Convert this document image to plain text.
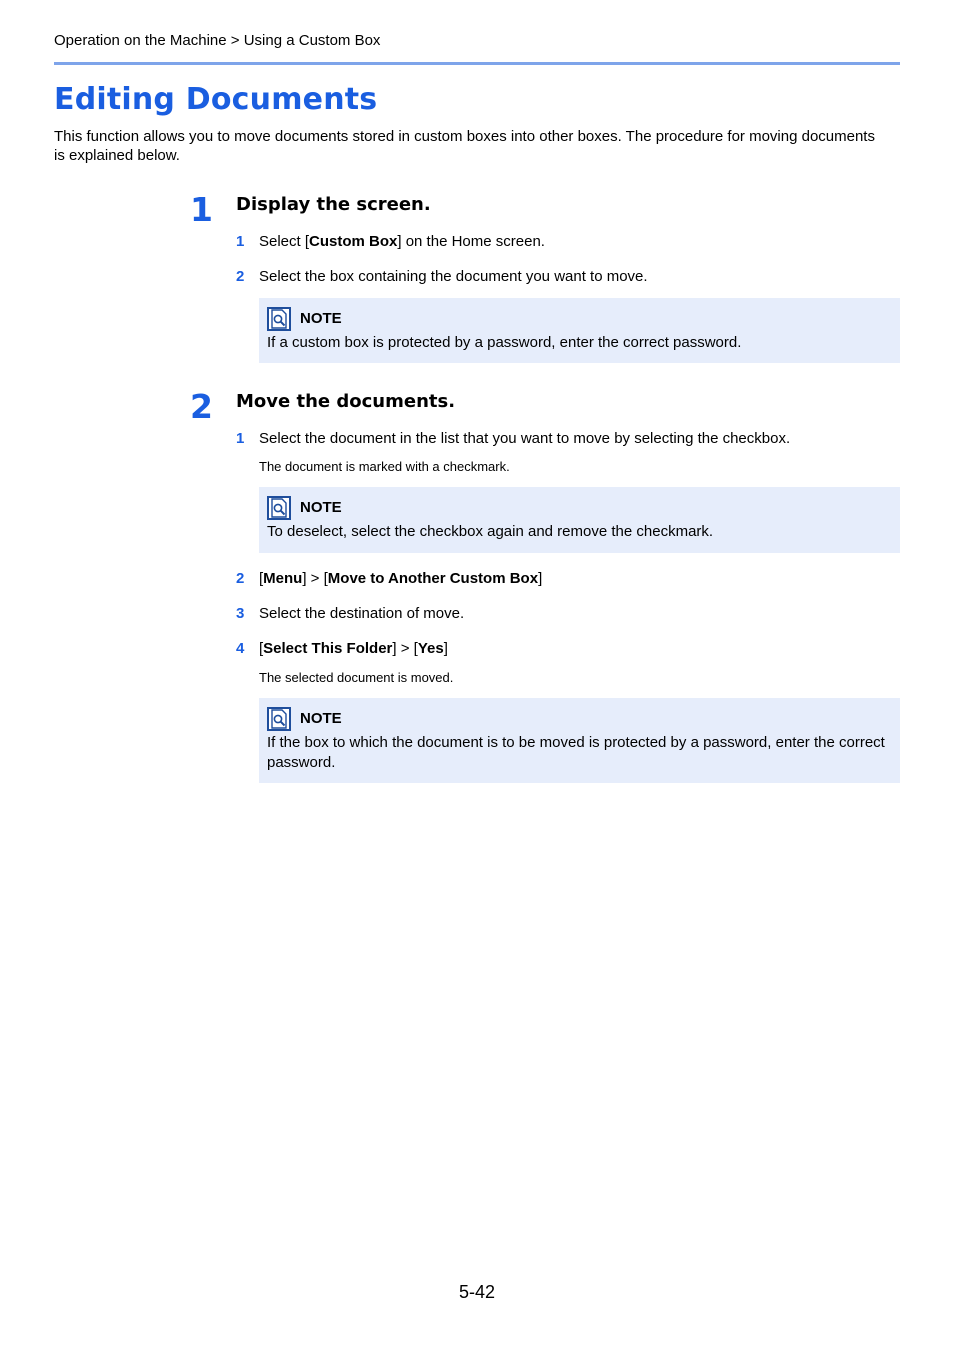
Operation on the Machine > Using a Custom Box
Editing Documents
This function allows you to move documents stored in custom boxes into other boxes. The procedure for moving documents is explained below.
1 Display the screen.
1 Select [Custom Box] on the Home screen.
2 Select the box containing the document you want to move.
NOTE
If a custom box is protected by a password, enter the correct password.
2 Move the documents.
1 Select the document in the list that you want to move by selecting the checkbox.
The document is marked with a checkmark.
NOTE
To deselect, select the checkbox again and remove the checkmark.
2 [Menu] > [Move to Another Custom Box]
3 Select the destination of move.
4 [Select This Folder] > [Yes]
The selected document is moved.
NOTE
If the box to which the document is to be moved is protected by a password, enter the correct password.
5-42
